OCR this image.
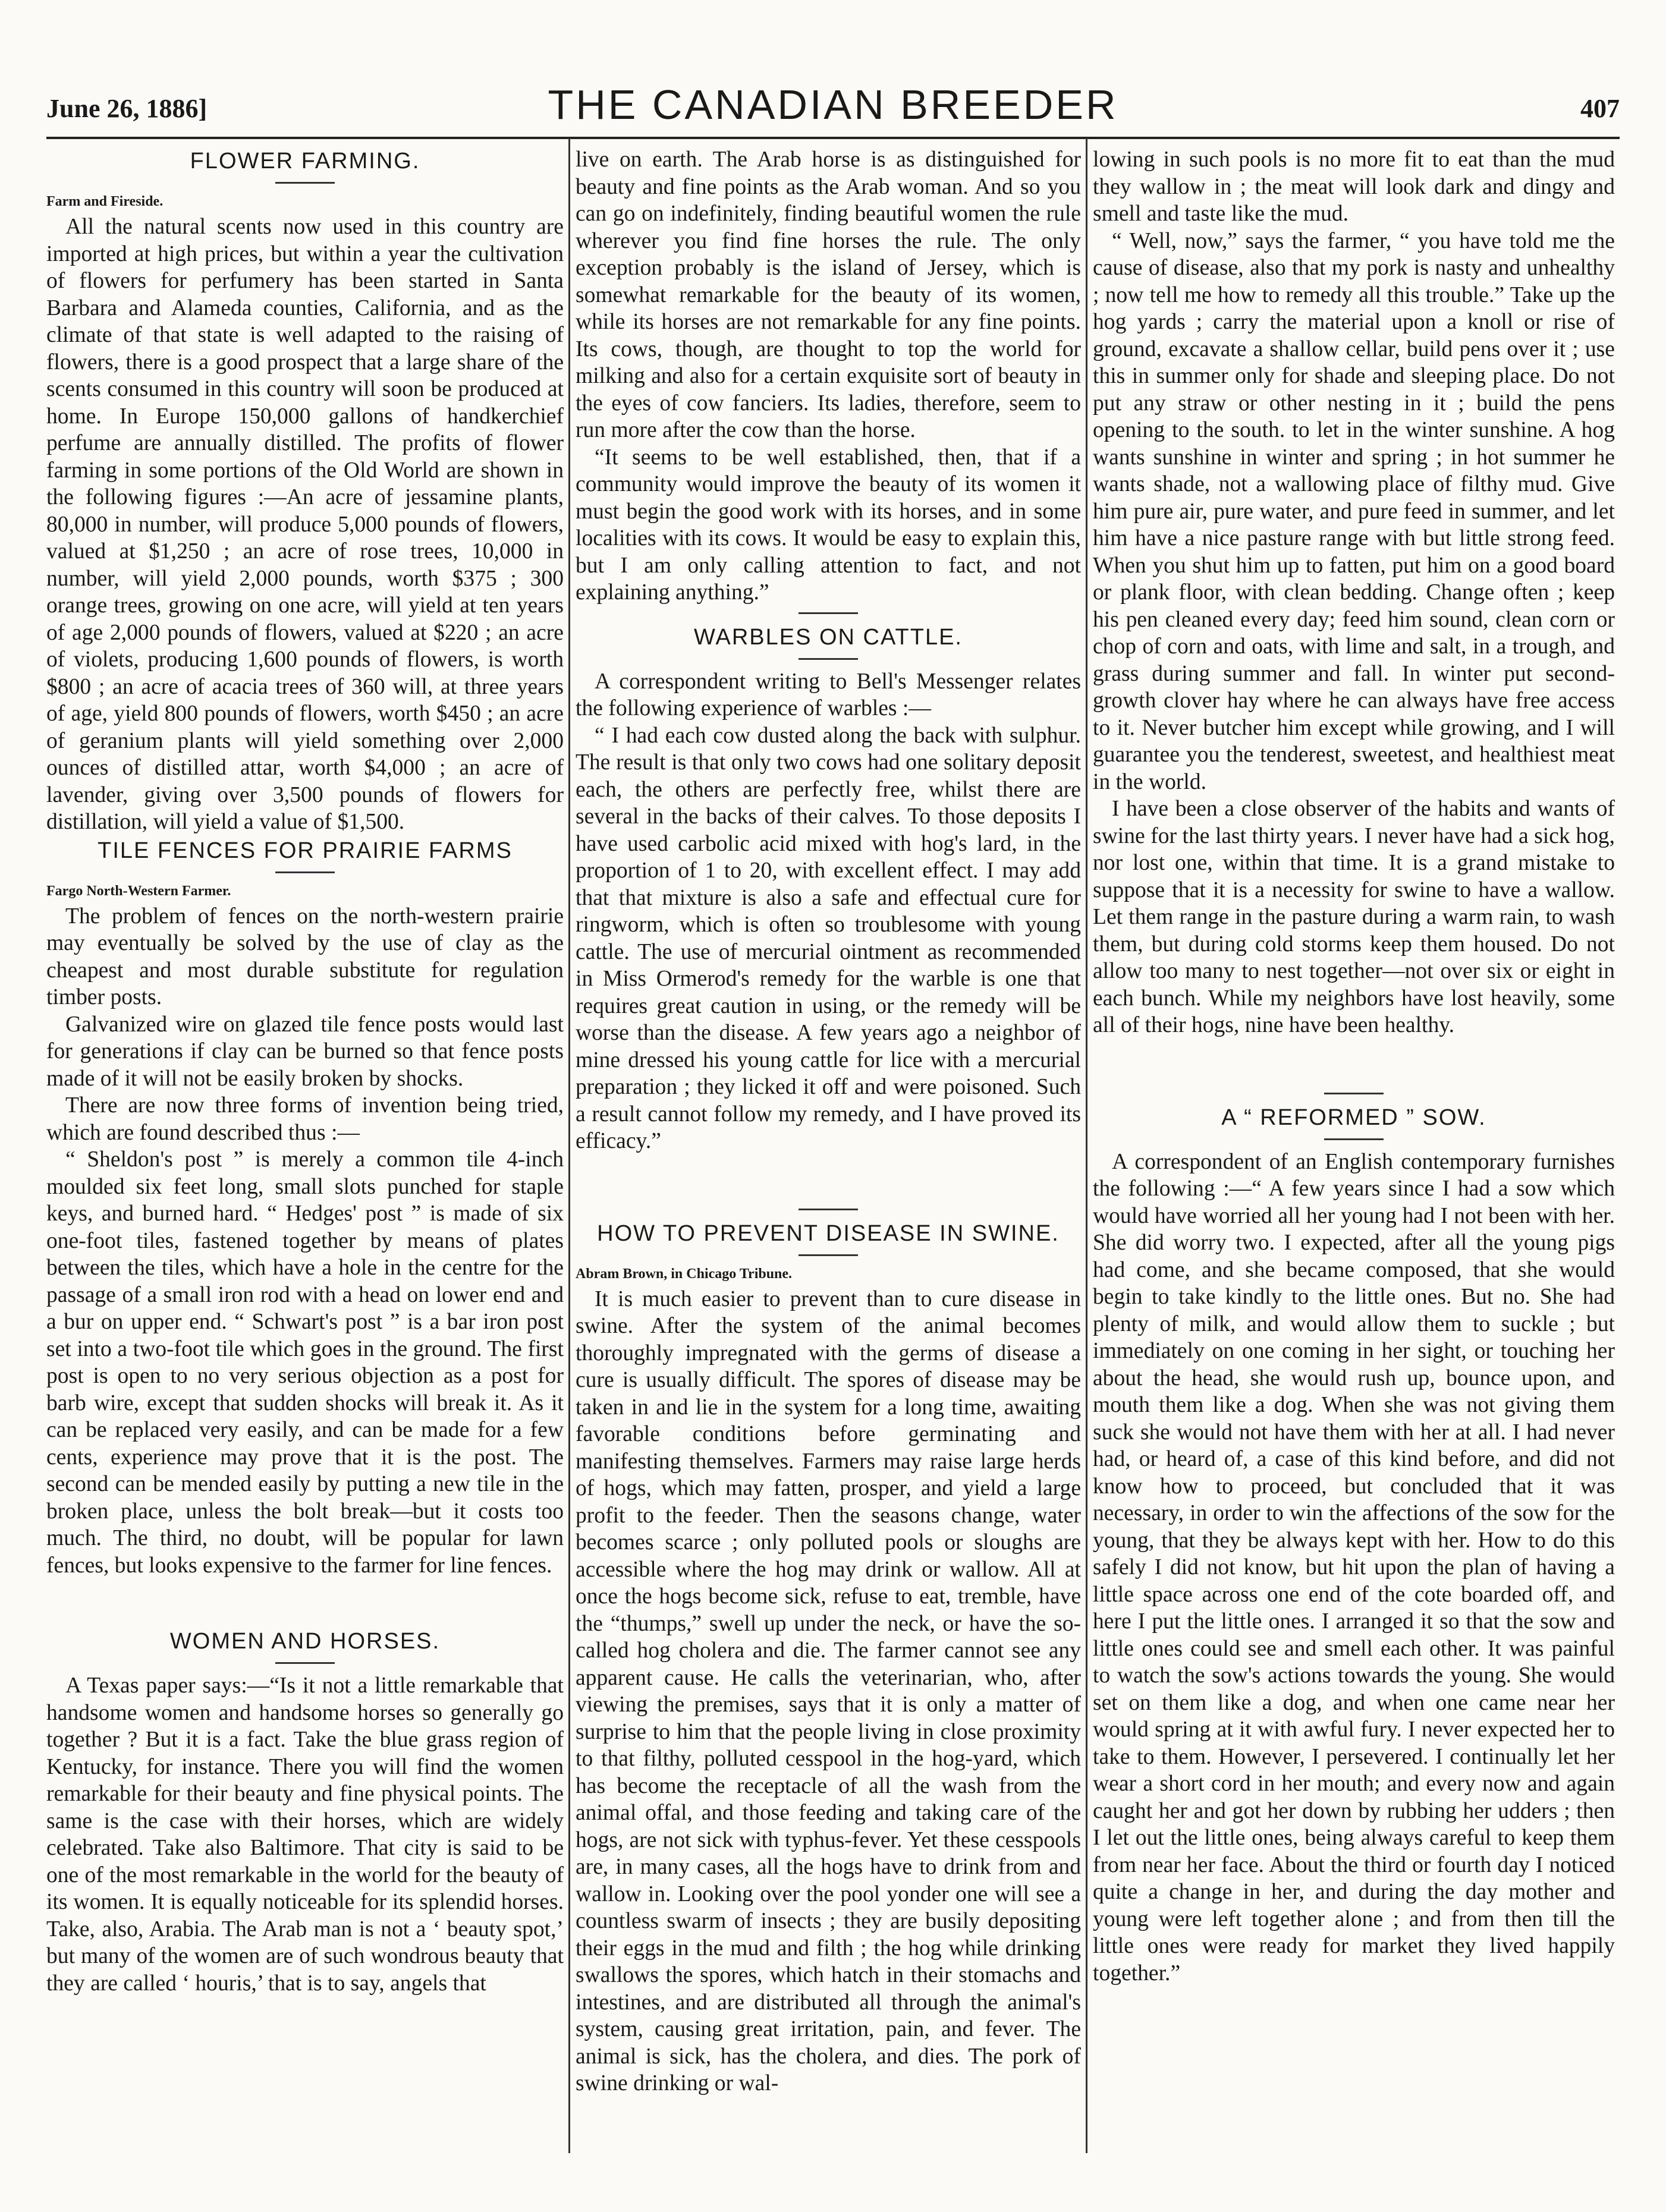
June 26, 1886]	THE CANADIAN BREEDER	407
FLOWER FARMING.
Farm and Fireside.

All the natural scents now used in this country are imported at high prices, but within a year the cultivation of flowers for perfumery has been started in Santa Barbara and Alameda counties, California, and as the climate of that state is well adapted to the raising of flowers, there is a good prospect that a large share of the scents consumed in this country will soon be produced at home. In Europe 150,000 gallons of handkerchief perfume are annually distilled. The profits of flower farming in some portions of the Old World are shown in the following figures :—An acre of jessamine plants, 80,000 in number, will produce 5,000 pounds of flowers, valued at $1,250 ; an acre of rose trees, 10,000 in number, will yield 2,000 pounds, worth $375 ; 300 orange trees, growing on one acre, will yield at ten years of age 2,000 pounds of flowers, valued at $220 ; an acre of violets, producing 1,600 pounds of flowers, is worth $800 ; an acre of acacia trees of 360 will, at three years of age, yield 800 pounds of flowers, worth $450 ; an acre of geranium plants will yield something over 2,000 ounces of distilled attar, worth $4,000 ; an acre of lavender, giving over 3,500 pounds of flowers for distillation, will yield a value of $1,500.

TILE FENCES FOR PRAIRIE FARMS
Fargo North-Western Farmer.

The problem of fences on the north-western prairie may eventually be solved by the use of clay as the cheapest and most durable substitute for regulation timber posts.

Galvanized wire on glazed tile fence posts would last for generations if clay can be burned so that fence posts made of it will not be easily broken by shocks.

There are now three forms of invention being tried, which are found described thus :—

“ Sheldon's post ” is merely a common tile 4-inch moulded six feet long, small slots punched for staple keys, and burned hard. “ Hedges' post ” is made of six one-foot tiles, fastened together by means of plates between the tiles, which have a hole in the centre for the passage of a small iron rod with a head on lower end and a bur on upper end. “ Schwart's post ” is a bar iron post set into a two-foot tile which goes in the ground. The first post is open to no very serious objection as a post for barb wire, except that sudden shocks will break it. As it can be replaced very easily, and can be made for a few cents, experience may prove that it is the post. The second can be mended easily by putting a new tile in the broken place, unless the bolt break—but it costs too much. The third, no doubt, will be popular for lawn fences, but looks expensive to the farmer for line fences.

WOMEN AND HORSES.

A Texas paper says:—“Is it not a little remarkable that handsome women and handsome horses so generally go together ? But it is a fact. Take the blue grass region of Kentucky, for instance. There you will find the women remarkable for their beauty and fine physical points. The same is the case with their horses, which are widely celebrated. Take also Baltimore. That city is said to be one of the most remarkable in the world for the beauty of its women. It is equally noticeable for its splendid horses. Take, also, Arabia. The Arab man is not a ‘ beauty spot,’ but many of the women are of such wondrous beauty that they are called ‘ houris,’ that is to say, angels that

live on earth. The Arab horse is as distinguished for beauty and fine points as the Arab woman. And so you can go on indefinitely, finding beautiful women the rule wherever you find fine horses the rule. The only exception probably is the island of Jersey, which is somewhat remarkable for the beauty of its women, while its horses are not remarkable for any fine points. Its cows, though, are thought to top the world for milking and also for a certain exquisite sort of beauty in the eyes of cow fanciers. Its ladies, therefore, seem to run more after the cow than the horse.

“It seems to be well established, then, that if a community would improve the beauty of its women it must begin the good work with its horses, and in some localities with its cows. It would be easy to explain this, but I am only calling attention to fact, and not explaining anything.”

WARBLES ON CATTLE.

A correspondent writing to Bell's Messenger relates the following experience of warbles :—

“ I had each cow dusted along the back with sulphur. The result is that only two cows had one solitary deposit each, the others are perfectly free, whilst there are several in the backs of their calves. To those deposits I have used carbolic acid mixed with hog's lard, in the proportion of 1 to 20, with excellent effect. I may add that that mixture is also a safe and effectual cure for ringworm, which is often so troublesome with young cattle. The use of mercurial ointment as recommended in Miss Ormerod's remedy for the warble is one that requires great caution in using, or the remedy will be worse than the disease. A few years ago a neighbor of mine dressed his young cattle for lice with a mercurial preparation ; they licked it off and were poisoned. Such a result cannot follow my remedy, and I have proved its efficacy.”

HOW TO PREVENT DISEASE IN SWINE.
Abram Brown, in Chicago Tribune.

It is much easier to prevent than to cure disease in swine. After the system of the animal becomes thoroughly impregnated with the germs of disease a cure is usually difficult. The spores of disease may be taken in and lie in the system for a long time, awaiting favorable conditions before germinating and manifesting themselves. Farmers may raise large herds of hogs, which may fatten, prosper, and yield a large profit to the feeder. Then the seasons change, water becomes scarce ; only polluted pools or sloughs are accessible where the hog may drink or wallow. All at once the hogs become sick, refuse to eat, tremble, have the “thumps,” swell up under the neck, or have the so-called hog cholera and die. The farmer cannot see any apparent cause. He calls the veterinarian, who, after viewing the premises, says that it is only a matter of surprise to him that the people living in close proximity to that filthy, polluted cesspool in the hog-yard, which has become the receptacle of all the wash from the animal offal, and those feeding and taking care of the hogs, are not sick with typhus-fever. Yet these cesspools are, in many cases, all the hogs have to drink from and wallow in. Looking over the pool yonder one will see a countless swarm of insects ; they are busily depositing their eggs in the mud and filth ; the hog while drinking swallows the spores, which hatch in their stomachs and intestines, and are distributed all through the animal's system, causing great irritation, pain, and fever. The animal is sick, has the cholera, and dies. The pork of swine drinking or wal-

lowing in such pools is no more fit to eat than the mud they wallow in ; the meat will look dark and dingy and smell and taste like the mud.

“ Well, now,” says the farmer, “ you have told me the cause of disease, also that my pork is nasty and unhealthy ; now tell me how to remedy all this trouble.” Take up the hog yards ; carry the material upon a knoll or rise of ground, excavate a shallow cellar, build pens over it ; use this in summer only for shade and sleeping place. Do not put any straw or other nesting in it ; build the pens opening to the south. to let in the winter sunshine. A hog wants sunshine in winter and spring ; in hot summer he wants shade, not a wallowing place of filthy mud. Give him pure air, pure water, and pure feed in summer, and let him have a nice pasture range with but little strong feed. When you shut him up to fatten, put him on a good board or plank floor, with clean bedding. Change often ; keep his pen cleaned every day; feed him sound, clean corn or chop of corn and oats, with lime and salt, in a trough, and grass during summer and fall. In winter put second-growth clover hay where he can always have free access to it. Never butcher him except while growing, and I will guarantee you the tenderest, sweetest, and healthiest meat in the world.

I have been a close observer of the habits and wants of swine for the last thirty years. I never have had a sick hog, nor lost one, within that time. It is a grand mistake to suppose that it is a necessity for swine to have a wallow. Let them range in the pasture during a warm rain, to wash them, but during cold storms keep them housed. Do not allow too many to nest together—not over six or eight in each bunch. While my neighbors have lost heavily, some all of their hogs, nine have been healthy.

A “ REFORMED ” SOW.

A correspondent of an English contemporary furnishes the following :—“ A few years since I had a sow which would have worried all her young had I not been with her. She did worry two. I expected, after all the young pigs had come, and she became composed, that she would begin to take kindly to the little ones. But no. She had plenty of milk, and would allow them to suckle ; but immediately on one coming in her sight, or touching her about the head, she would rush up, bounce upon, and mouth them like a dog. When she was not giving them suck she would not have them with her at all. I had never had, or heard of, a case of this kind before, and did not know how to proceed, but concluded that it was necessary, in order to win the affections of the sow for the young, that they be always kept with her. How to do this safely I did not know, but hit upon the plan of having a little space across one end of the cote boarded off, and here I put the little ones. I arranged it so that the sow and little ones could see and smell each other. It was painful to watch the sow's actions towards the young. She would set on them like a dog, and when one came near her would spring at it with awful fury. I never expected her to take to them. However, I persevered. I continually let her wear a short cord in her mouth; and every now and again caught her and got her down by rubbing her udders ; then I let out the little ones, being always careful to keep them from near her face. About the third or fourth day I noticed quite a change in her, and during the day mother and young were left together alone ; and from then till the little ones were ready for market they lived happily together.”
